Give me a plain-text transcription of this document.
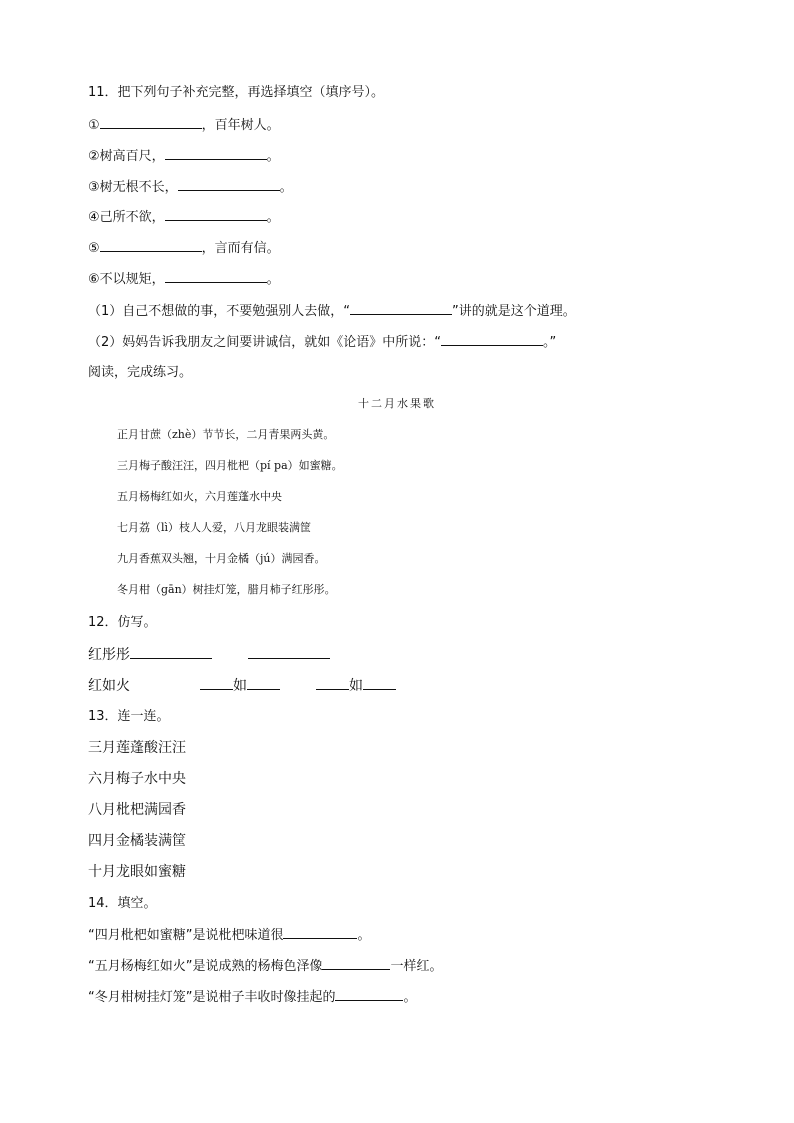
11．把下列句子补充完整，再选择填空（填序号）。
①	，百年树人。
②树高百尺，	。
③树无根不长，	。
④己所不欲，	。
⑤	，言而有信。
⑥不以规矩，	。
（1）自己不想做的事，不要勉强别人去做，“	”讲的就是这个道理。
（2）妈妈告诉我朋友之间要讲诚信，就如《论语》中所说：“	。”
阅读，完成练习。
十二月水果歌
正月甘蔗（zhè）节节长，二月青果两头黄。
三月梅子酸汪汪，四月枇杷（pí pa）如蜜糖。
五月杨梅红如火，六月莲蓬水中央
七月荔（lì）枝人人爱，八月龙眼装满筐
九月香蕉双头翘，十月金橘（jú）满园香。
冬月柑（gān）树挂灯笼，腊月柿子红彤彤。
12．仿写。
红彤彤
红如火	如	如
13．连一连。
三月莲蓬酸汪汪
六月梅子水中央
八月枇杷满园香
四月金橘装满筐
十月龙眼如蜜糖
14．填空。
“四月枇杷如蜜糖”是说枇杷味道很	。
“五月杨梅红如火”是说成熟的杨梅色泽像	一样红。
“冬月柑树挂灯笼”是说柑子丰收时像挂起的	。
